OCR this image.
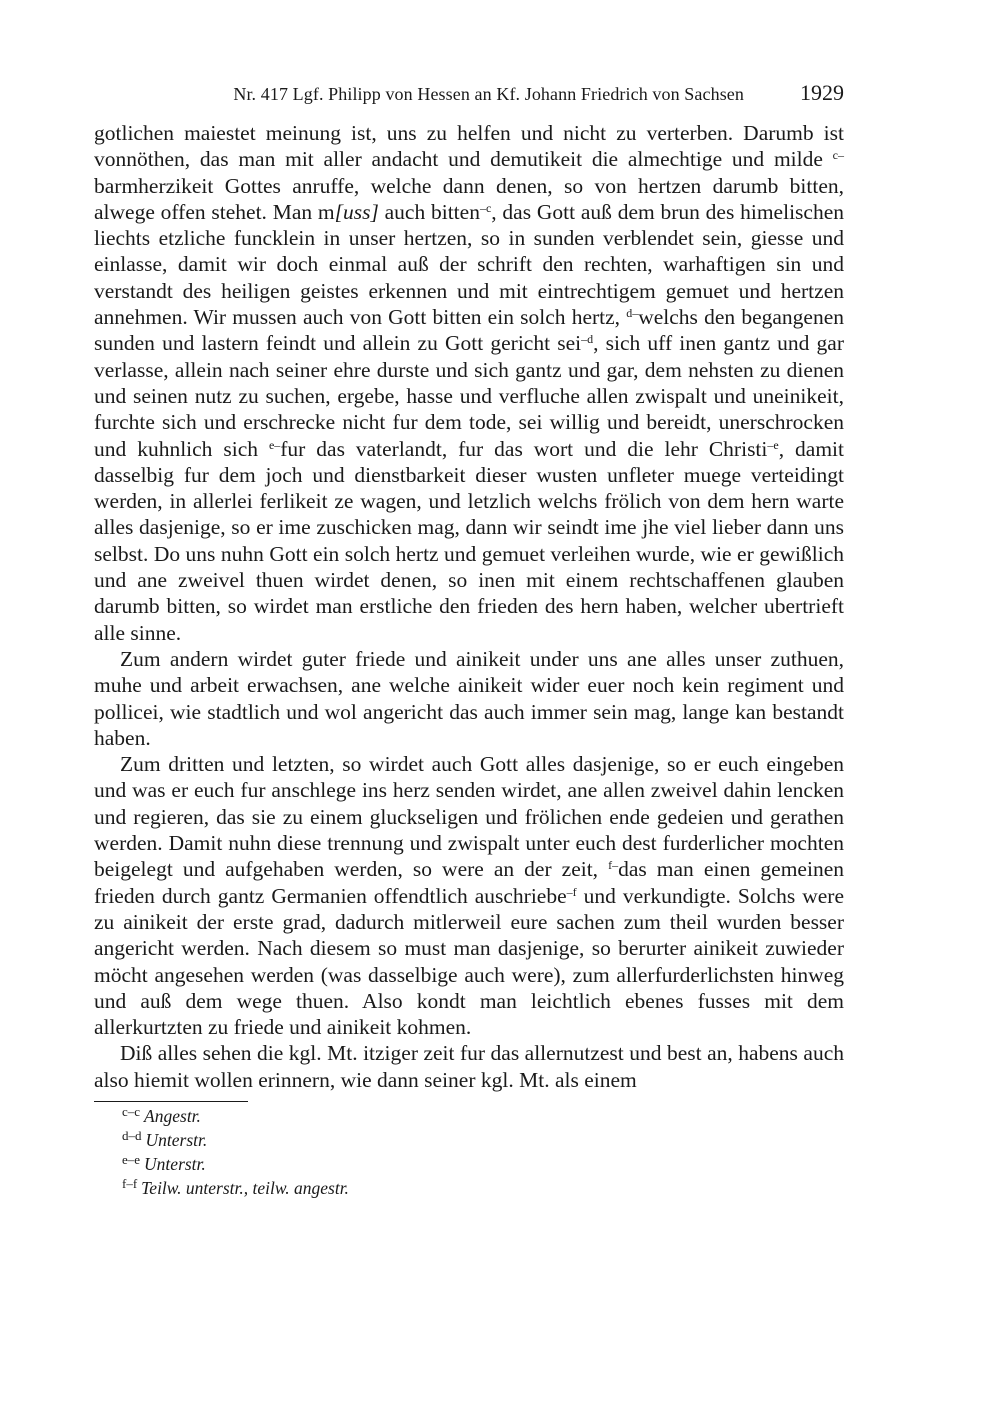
Nr. 417 Lgf. Philipp von Hessen an Kf. Johann Friedrich von Sachsen	1929

gotlichen maiestet meinung ist, uns zu helfen und nicht zu verterben. Darumb ist vonnöthen, das man mit aller andacht und demutikeit die almechtige und milde $^{c-}$barmherzikeit Gottes anruffe, welche dann denen, so von hertzen darumb bitten, alwege offen stehet. Man m[uss] auch bitten$^{-c}$, das Gott auß dem brun des himelischen liechts etzliche funcklein in unser hertzen, so in sunden verblendet sein, giesse und einlasse, damit wir doch einmal auß der schrift den rechten, warhaftigen sin und verstandt des heiligen geistes erkennen und mit eintrechtigem gemuet und hertzen annehmen. Wir mussen auch von Gott bitten ein solch hertz, $^{d-}$welchs den begangenen sunden und lastern feindt und allein zu Gott gericht sei$^{-d}$, sich uff inen gantz und gar verlasse, allein nach seiner ehre durste und sich gantz und gar, dem nehsten zu dienen und seinen nutz zu suchen, ergebe, hasse und verfluche allen zwispalt und uneinikeit, furchte sich und erschrecke nicht fur dem tode, sei willig und bereidt, unerschrocken und kuhnlich sich $^{e-}$fur das vaterlandt, fur das wort und die lehr Christi$^{-e}$, damit dasselbig fur dem joch und dienstbarkeit dieser wusten unfleter muege verteidingt werden, in allerlei ferlikeit ze wagen, und letzlich welchs frölich von dem hern warte alles dasjenige, so er ime zuschicken mag, dann wir seindt ime jhe viel lieber dann uns selbst. Do uns nuhn Gott ein solch hertz und gemuet verleihen wurde, wie er gewißlich und ane zweivel thuen wirdet denen, so inen mit einem rechtschaffenen glauben darumb bitten, so wirdet man erstliche den frieden des hern haben, welcher ubertrieft alle sinne.

Zum andern wirdet guter friede und ainikeit under uns ane alles unser zuthuen, muhe und arbeit erwachsen, ane welche ainikeit wider euer noch kein regiment und pollicei, wie stadtlich und wol angericht das auch immer sein mag, lange kan bestandt haben.

Zum dritten und letzten, so wirdet auch Gott alles dasjenige, so er euch eingeben und was er euch fur anschlege ins herz senden wirdet, ane allen zweivel dahin lencken und regieren, das sie zu einem gluckseligen und frölichen ende gedeien und gerathen werden. Damit nuhn diese trennung und zwispalt unter euch dest furderlicher mochten beigelegt und aufgehaben werden, so were an der zeit, $^{f-}$das man einen gemeinen frieden durch gantz Germanien offendtlich auschriebe$^{-f}$ und verkundigte. Solchs were zu ainikeit der erste grad, dadurch mitlerweil eure sachen zum theil wurden besser angericht werden. Nach diesem so must man dasjenige, so berurter ainikeit zuwieder möcht angesehen werden (was dasselbige auch were), zum allerfurderlichsten hinweg und auß dem wege thuen. Also kondt man leichtlich ebenes fusses mit dem allerkurtzten zu friede und ainikeit kohmen.

Diß alles sehen die kgl. Mt. itziger zeit fur das allernutzest und best an, habens auch also hiemit wollen erinnern, wie dann seiner kgl. Mt. als einem

$^{c-c}$ Angestr.
$^{d-d}$ Unterstr.
$^{e-e}$ Unterstr.
$^{f-f}$ Teilw. unterstr., teilw. angestr.
